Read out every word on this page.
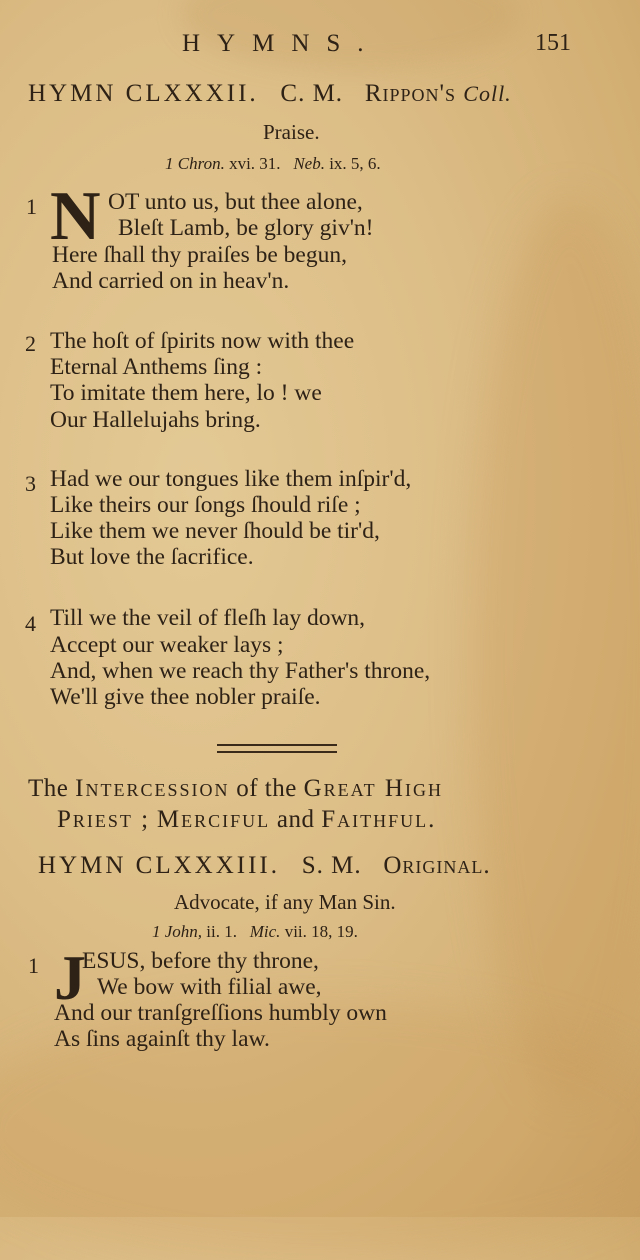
HYMNS.	151
HYMN CLXXXII. C. M. Rippon's Coll.
Praise.
1 Chron. xvi. 31. Neb. ix. 5, 6.
1 N OT unto us, but thee alone,
Bleſt Lamb, be glory giv'n!
Here ſhall thy praiſes be begun,
And carried on in heav'n.
2 The hoſt of ſpirits now with thee
Eternal Anthems ſing :
To imitate them here, lo ! we
Our Hallelujahs bring.
3 Had we our tongues like them inſpir'd,
Like theirs our ſongs ſhould riſe ;
Like them we never ſhould be tir'd,
But love the ſacrifice.
4 Till we the veil of fleſh lay down,
Accept our weaker lays ;
And, when we reach thy Father's throne,
We'll give thee nobler praiſe.
The Intercession of the Great High
Priest ; Merciful and Faithful.
HYMN CLXXXIII. S. M. Original.
Advocate, if any Man Sin.
1 John, ii. 1. Mic. vii. 18, 19.
1 J
ESUS, before thy throne,
We bow with filial awe,
And our tranſgreſſions humbly own
As ſins againſt thy law.
